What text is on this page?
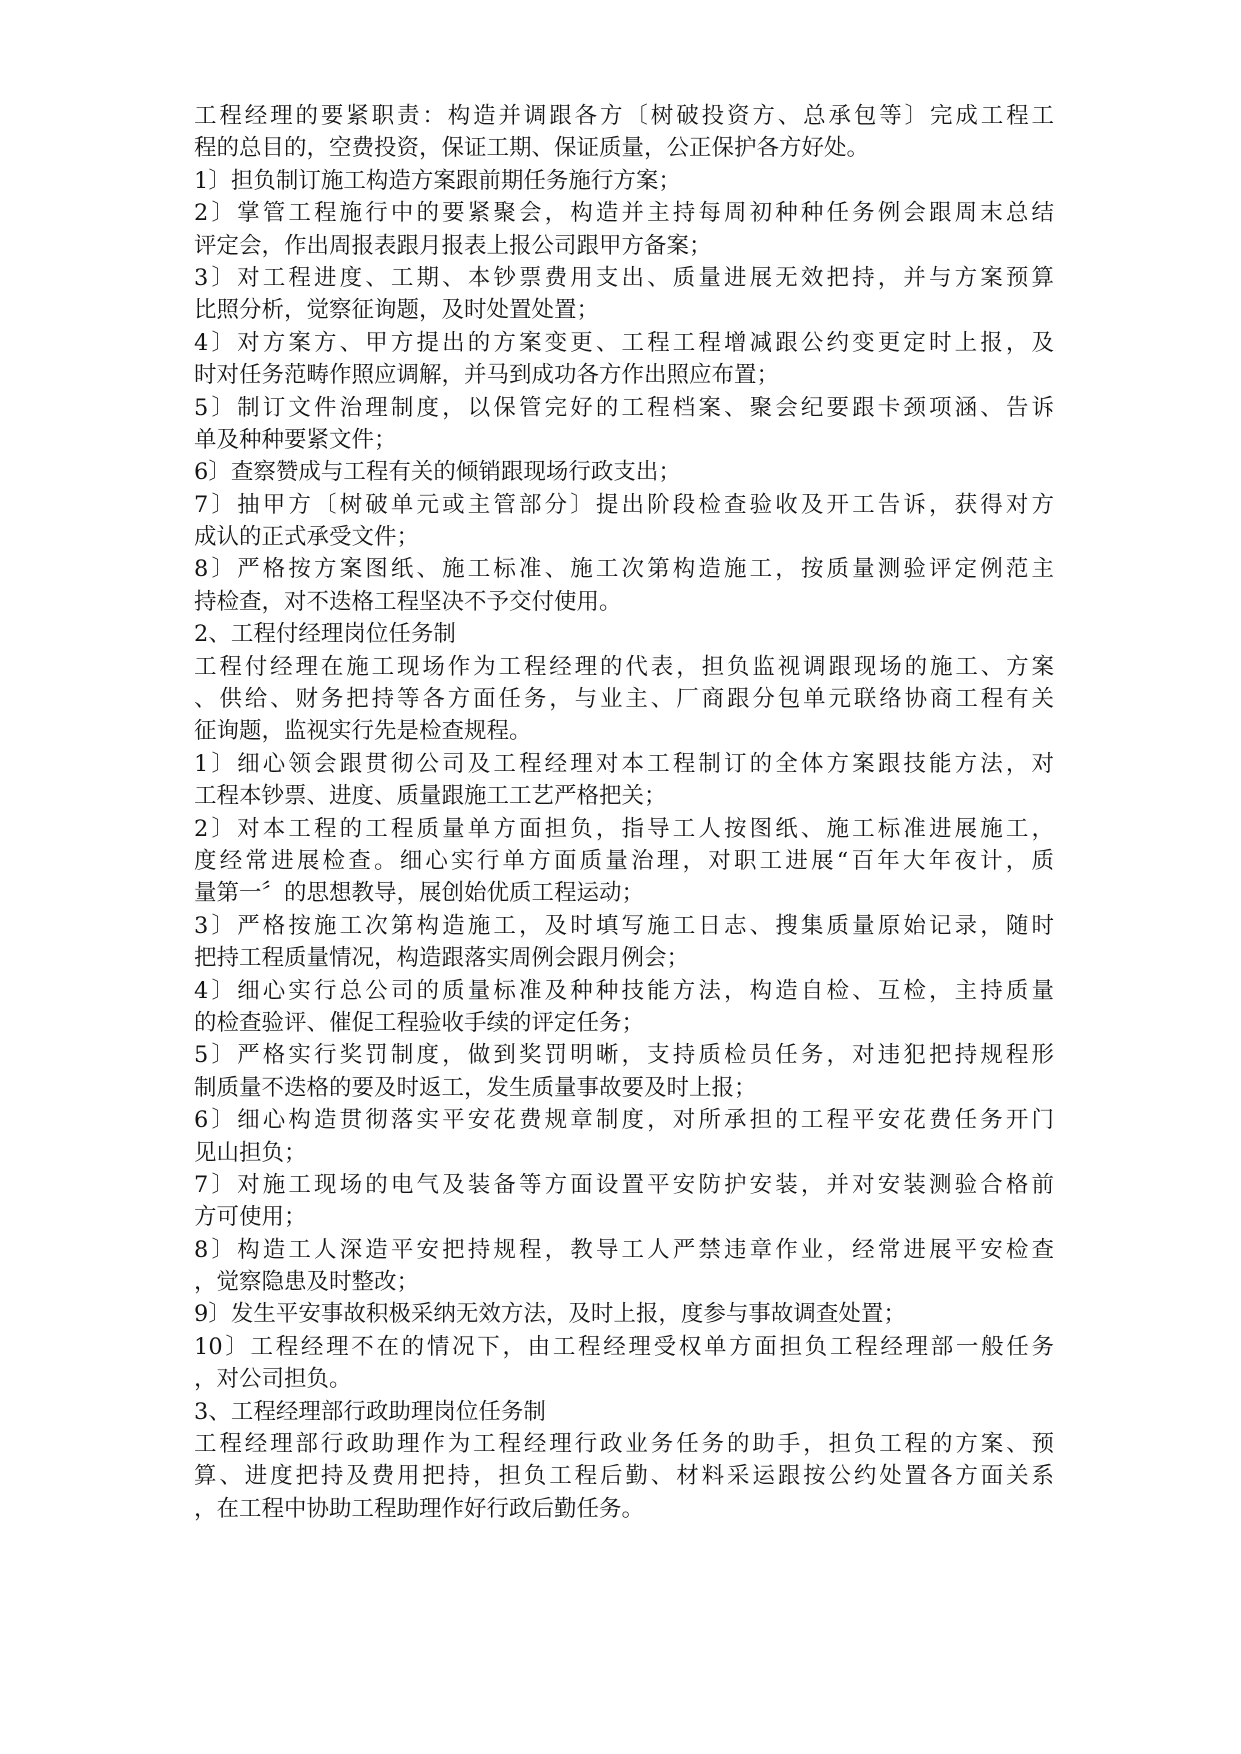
工程经理的要紧职责：构造并调跟各方〔树破投资方、总承包等〕完成工程工
程的总目的，空费投资，保证工期、保证质量，公正保护各方好处。
1〕担负制订施工构造方案跟前期任务施行方案；
2〕掌管工程施行中的要紧聚会，构造并主持每周初种种任务例会跟周末总结
评定会，作出周报表跟月报表上报公司跟甲方备案；
3〕对工程进度、工期、本钞票费用支出、质量进展无效把持，并与方案预算
比照分析，觉察征询题，及时处置处置；
4〕对方案方、甲方提出的方案变更、工程工程增减跟公约变更定时上报，及
时对任务范畴作照应调解，并马到成功各方作出照应布置；
5〕制订文件治理制度，以保管完好的工程档案、聚会纪要跟卡颈项涵、告诉
单及种种要紧文件；
6〕查察赞成与工程有关的倾销跟现场行政支出；
7〕抽甲方〔树破单元或主管部分〕提出阶段检查验收及开工告诉，获得对方
成认的正式承受文件；
8〕严格按方案图纸、施工标准、施工次第构造施工，按质量测验评定例范主
持检查，对不迭格工程坚决不予交付使用。
2、工程付经理岗位任务制
工程付经理在施工现场作为工程经理的代表，担负监视调跟现场的施工、方案
、供给、财务把持等各方面任务，与业主、厂商跟分包单元联络协商工程有关
征询题，监视实行先是检查规程。
1〕细心领会跟贯彻公司及工程经理对本工程制订的全体方案跟技能方法，对
工程本钞票、进度、质量跟施工工艺严格把关；
2〕对本工程的工程质量单方面担负，指导工人按图纸、施工标准进展施工，
度经常进展检查。细心实行单方面质量治理，对职工进展“百年大年夜计，质
量第一〞的思想教导，展创始优质工程运动；
3〕严格按施工次第构造施工，及时填写施工日志、搜集质量原始记录，随时
把持工程质量情况，构造跟落实周例会跟月例会；
4〕细心实行总公司的质量标准及种种技能方法，构造自检、互检，主持质量
的检查验评、催促工程验收手续的评定任务；
5〕严格实行奖罚制度，做到奖罚明晰，支持质检员任务，对违犯把持规程形
制质量不迭格的要及时返工，发生质量事故要及时上报；
6〕细心构造贯彻落实平安花费规章制度，对所承担的工程平安花费任务开门
见山担负；
7〕对施工现场的电气及装备等方面设置平安防护安装，并对安装测验合格前
方可使用；
8〕构造工人深造平安把持规程，教导工人严禁违章作业，经常进展平安检查
，觉察隐患及时整改；
9〕发生平安事故积极采纳无效方法，及时上报，度参与事故调查处置；
10〕工程经理不在的情况下，由工程经理受权单方面担负工程经理部一般任务
，对公司担负。
3、工程经理部行政助理岗位任务制
工程经理部行政助理作为工程经理行政业务任务的助手，担负工程的方案、预
算、进度把持及费用把持，担负工程后勤、材料采运跟按公约处置各方面关系
，在工程中协助工程助理作好行政后勤任务。
